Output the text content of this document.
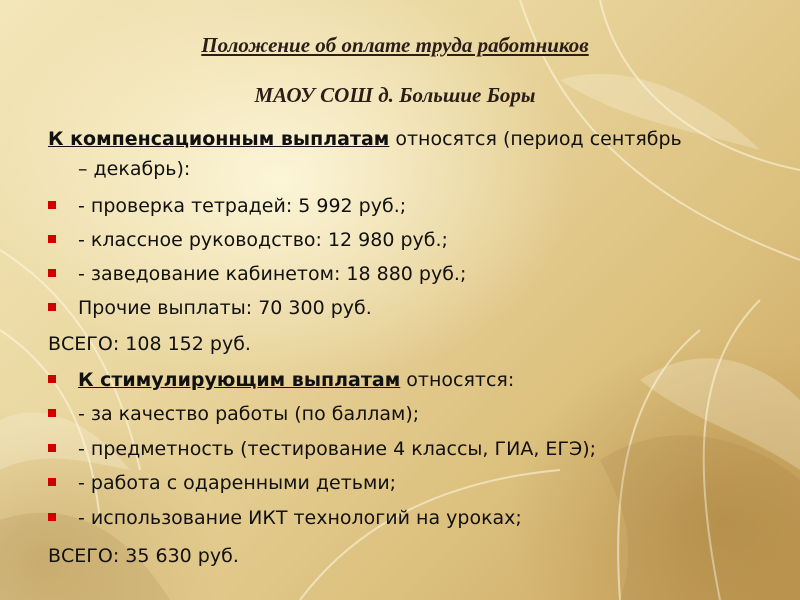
Положение об оплате труда работников
МАОУ СОШ д. Большие Боры
К компенсационным выплатам относятся (период сентябрь
– декабрь):
- проверка тетрадей: 5 992 руб.;
- классное руководство: 12 980 руб.;
- заведование кабинетом: 18 880 руб.;
Прочие выплаты: 70 300 руб.
ВСЕГО: 108 152 руб.
К стимулирующим выплатам относятся:
- за качество работы (по баллам);
- предметность (тестирование 4 классы, ГИА, ЕГЭ);
- работа с одаренными детьми;
- использование ИКТ технологий на уроках;
ВСЕГО: 35 630 руб.
